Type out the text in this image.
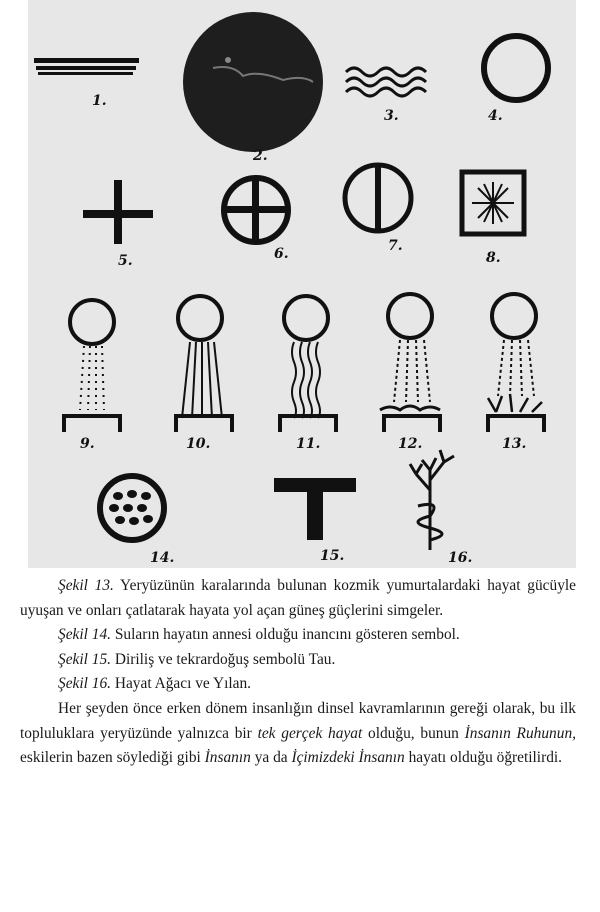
1.
2.
3.	4.
5.	6.	7.
8.
9.	10.	11.	12.	13.
14.	15.	16.

Şekil 13. Yeryüzünün karalarında bulunan kozmik yumurtalardaki hayat gücüyle uyuşan ve onları çatlatarak hayata yol açan güneş güçlerini simgeler.

Şekil 14. Suların hayatın annesi olduğu inancını gösteren sembol.

Şekil 15. Diriliş ve tekrardoğuş sembolü Tau.

Şekil 16. Hayat Ağacı ve Yılan.

Her şeyden önce erken dönem insanlığın dinsel kavramlarının gereği olarak, bu ilk topluluklara yeryüzünde yalnızca bir tek gerçek hayat olduğu, bunun İnsanın Ruhunun, eskilerin bazen söylediği gibi İnsanın ya da İçimizdeki İnsanın hayatı olduğu öğretilirdi.
